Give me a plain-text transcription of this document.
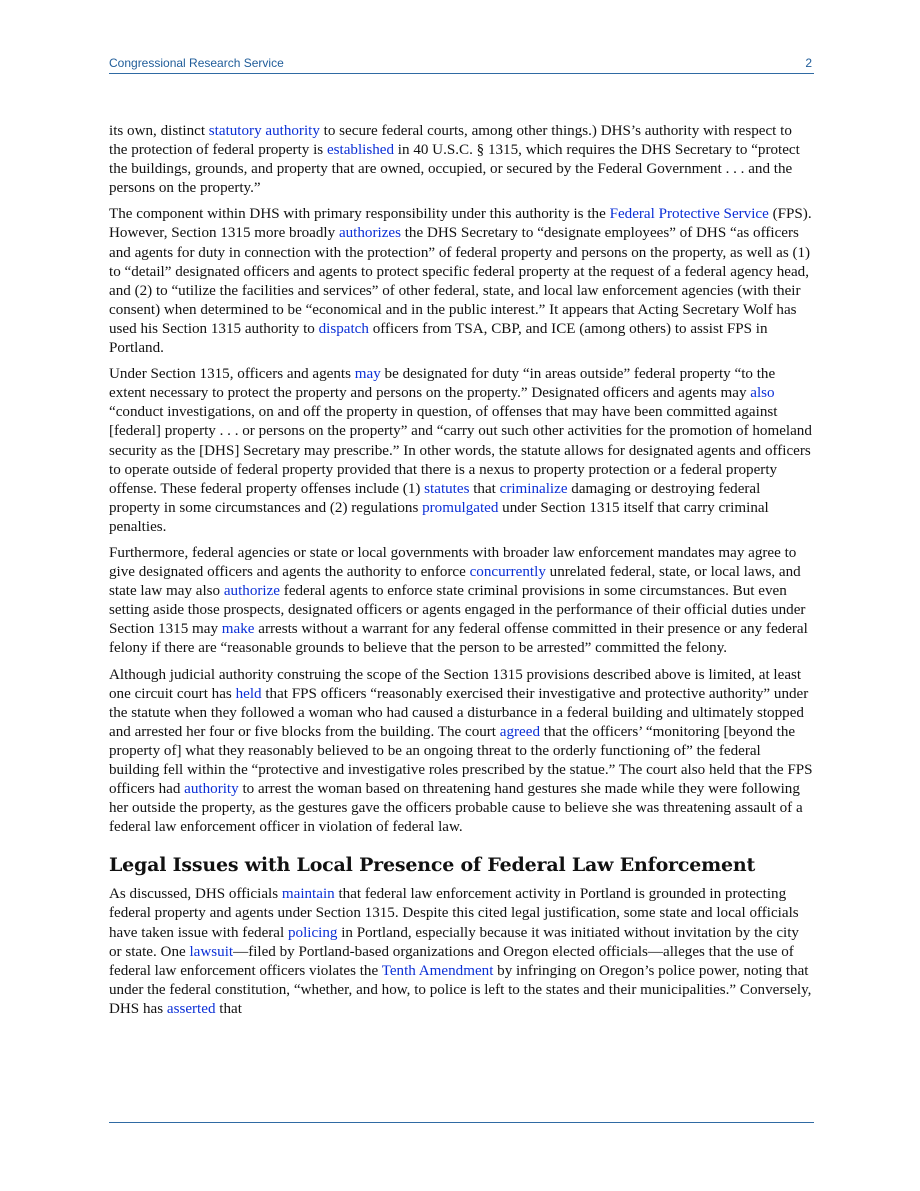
Congressional Research Service	2

its own, distinct statutory authority to secure federal courts, among other things.) DHS’s authority with respect to the protection of federal property is established in 40 U.S.C. § 1315, which requires the DHS Secretary to “protect the buildings, grounds, and property that are owned, occupied, or secured by the Federal Government . . . and the persons on the property.”

The component within DHS with primary responsibility under this authority is the Federal Protective Service (FPS). However, Section 1315 more broadly authorizes the DHS Secretary to “designate employees” of DHS “as officers and agents for duty in connection with the protection” of federal property and persons on the property, as well as (1) to “detail” designated officers and agents to protect specific federal property at the request of a federal agency head, and (2) to “utilize the facilities and services” of other federal, state, and local law enforcement agencies (with their consent) when determined to be “economical and in the public interest.” It appears that Acting Secretary Wolf has used his Section 1315 authority to dispatch officers from TSA, CBP, and ICE (among others) to assist FPS in Portland.

Under Section 1315, officers and agents may be designated for duty “in areas outside” federal property “to the extent necessary to protect the property and persons on the property.” Designated officers and agents may also “conduct investigations, on and off the property in question, of offenses that may have been committed against [federal] property . . . or persons on the property” and “carry out such other activities for the promotion of homeland security as the [DHS] Secretary may prescribe.” In other words, the statute allows for designated agents and officers to operate outside of federal property provided that there is a nexus to property protection or a federal property offense. These federal property offenses include (1) statutes that criminalize damaging or destroying federal property in some circumstances and (2) regulations promulgated under Section 1315 itself that carry criminal penalties.

Furthermore, federal agencies or state or local governments with broader law enforcement mandates may agree to give designated officers and agents the authority to enforce concurrently unrelated federal, state, or local laws, and state law may also authorize federal agents to enforce state criminal provisions in some circumstances. But even setting aside those prospects, designated officers or agents engaged in the performance of their official duties under Section 1315 may make arrests without a warrant for any federal offense committed in their presence or any federal felony if there are “reasonable grounds to believe that the person to be arrested” committed the felony.

Although judicial authority construing the scope of the Section 1315 provisions described above is limited, at least one circuit court has held that FPS officers “reasonably exercised their investigative and protective authority” under the statute when they followed a woman who had caused a disturbance in a federal building and ultimately stopped and arrested her four or five blocks from the building. The court agreed that the officers’ “monitoring [beyond the property of] what they reasonably believed to be an ongoing threat to the orderly functioning of” the federal building fell within the “protective and investigative roles prescribed by the statue.” The court also held that the FPS officers had authority to arrest the woman based on threatening hand gestures she made while they were following her outside the property, as the gestures gave the officers probable cause to believe she was threatening assault of a federal law enforcement officer in violation of federal law.

Legal Issues with Local Presence of Federal Law Enforcement

As discussed, DHS officials maintain that federal law enforcement activity in Portland is grounded in protecting federal property and agents under Section 1315. Despite this cited legal justification, some state and local officials have taken issue with federal policing in Portland, especially because it was initiated without invitation by the city or state. One lawsuit—filed by Portland-based organizations and Oregon elected officials—alleges that the use of federal law enforcement officers violates the Tenth Amendment by infringing on Oregon’s police power, noting that under the federal constitution, “whether, and how, to police is left to the states and their municipalities.” Conversely, DHS has asserted that
